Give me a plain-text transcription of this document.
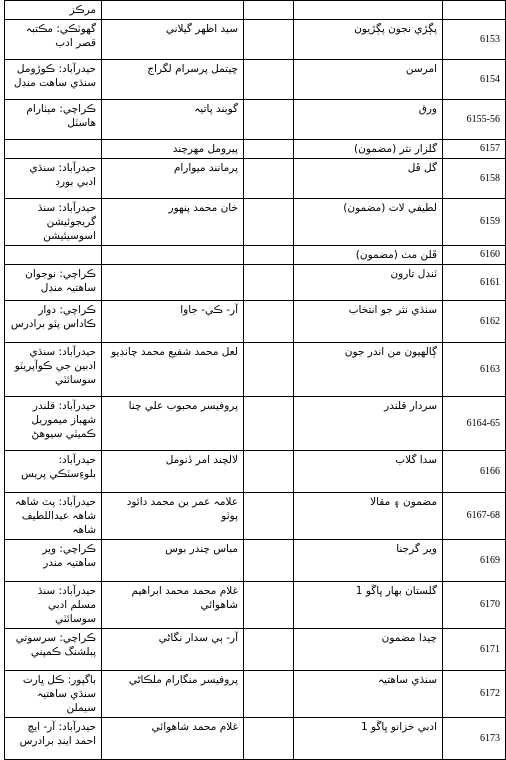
مرڪز				
گهوٽڪي: مڪتبہ قصر ادب	سيد اظهر گيلاني		پڳڙي نجون پڳڙيون	6153
حيدرآباد: ڪوڙومل سنڌي ساهت منڊل	ڇيتمل پرسرام لگراج		امرسن	6154
ڪراچي: ميٺارام هاسٽل	گوبند پاتيہ		ورق	6155-56
	پيرومل مهرچند		گلزار نثر (مضمون)	6157
حيدرآباد: سنڌي ادبي بورڊ	پرمانند ميوارام		گل ڦل	6158
حيدرآباد: سنڌ گريجوئيشن اسوسيئيشن	خان محمد پنهور		لطيفي لات (مضمون)	6159
			ڦلن مٺ (مضمون)	6160
ڪراچي: نوجوان ساهتيہ منڊل			ٽنڊل تارون	6161
ڪراچي: دوار ڪاداس پٽو برادرس	آر- ڪي- جاوا		سنڌي نثر جو انتخاب	6162
حيدرآباد: سنڌي ادبين جي ڪوآپريٽو سوسائٽي	لعل محمد شفيع محمد چانڊيو		ڳالهيون من اندر جون	6163
حيدرآباد: قلندر شهباز ميموريل ڪميٽي سيوهڻ	پروفيسر محبوب علي چنا		سردار قلندر	6164-65
حيدرآباد: بلوءِسٽڪي پريس	لالچند امر ڏنومل		سدا گلاب	6166
حيدرآباد: پٽ شاهہ شاهہ عبداللطيف شاهہ	علامہ عمر بن محمد دائود پوٽو		مضمون ۽ مقالا	6167-68
ڪراچي: وير ساهتيہ مندر	مباس چندر بوس		وير گرجنا	6169
حيدرآباد: سنڌ مسلم ادبي سوسائٽي	غلام محمد محمد ابراهيم شاهوائي		گلستان بهار ڀاڱو 1	6170
ڪراچي: سرسوتي پبلشنگ ڪمپني	آر- ٻي سدار نگاڻي		چيدا مضمون	6171
باگپور: ڪل ڀارت سنڌي ساهتيہ سيملن	پروفيسر منگارام ملڪاڻي		سنڌي ساهتيہ	6172
حيدرآباد: آر- ايچ احمد اينڊ برادرس	غلام محمد شاهوائي		ادبي خزانو ڀاڱو 1	6173
